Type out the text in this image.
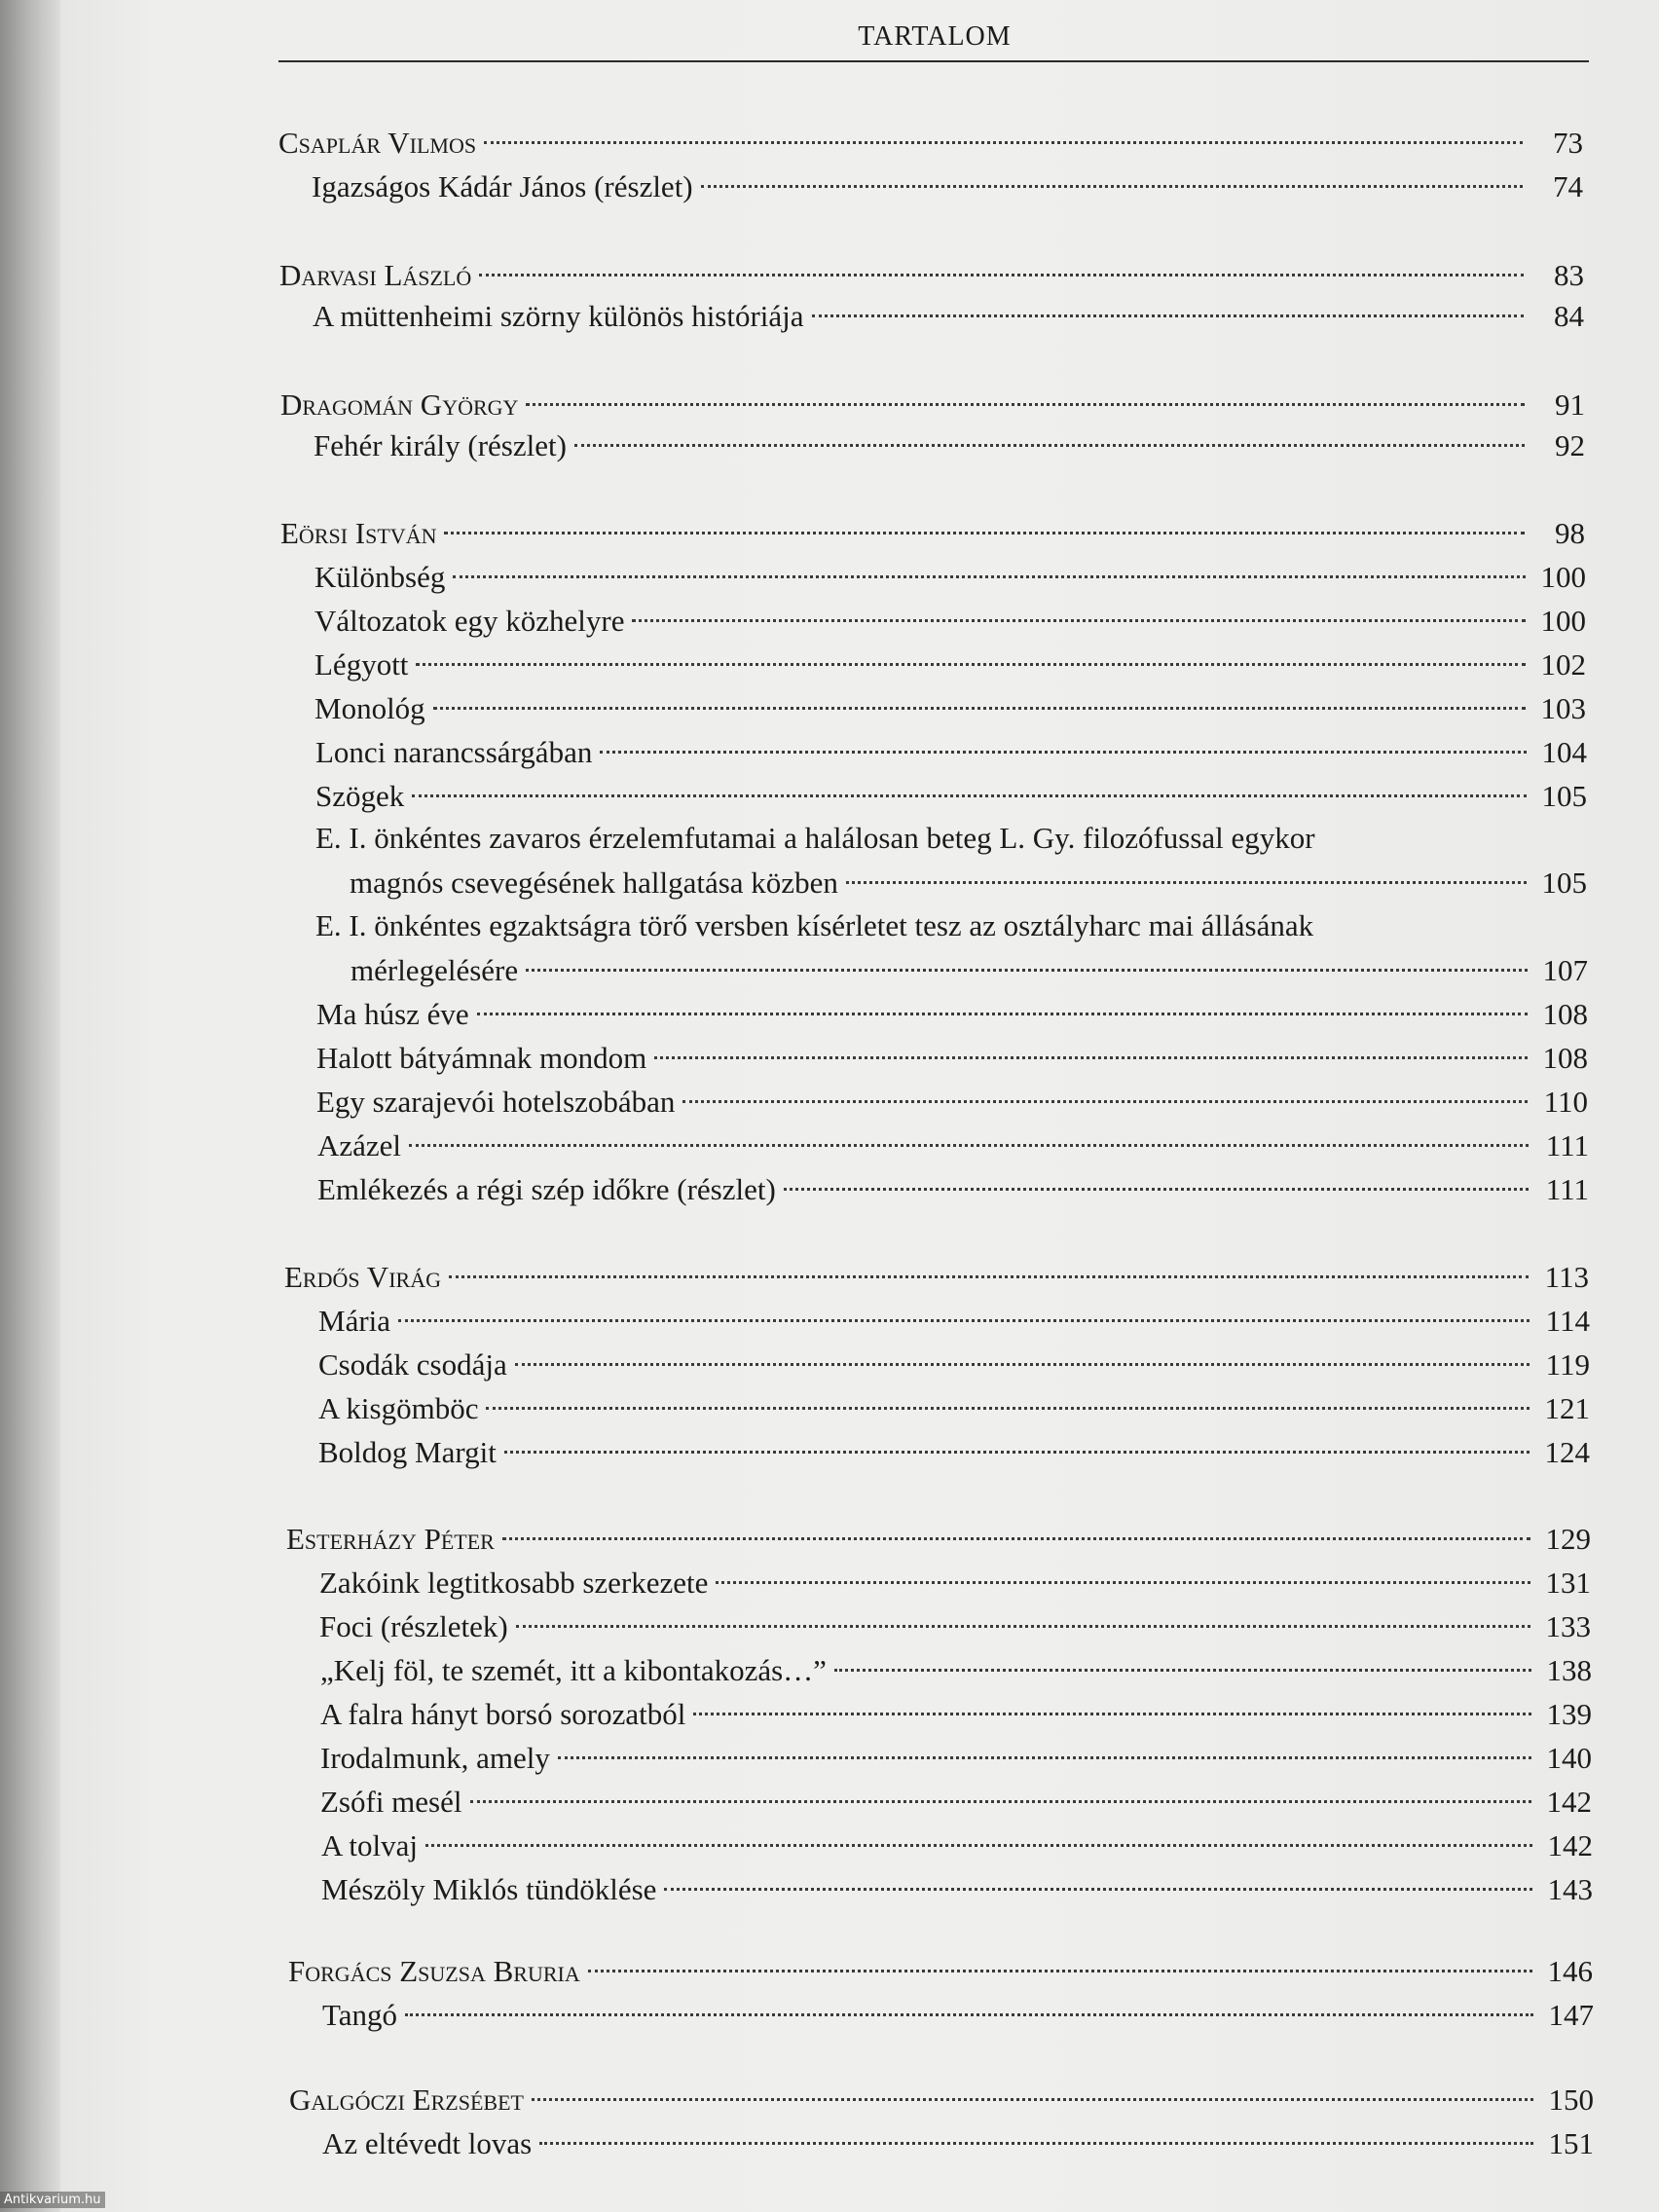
TARTALOM
Csaplár Vilmos	73
Igazságos Kádár János (részlet)	74
Darvasi László	83
A müttenheimi szörny különös históriája	84
Dragomán György	91
Fehér király (részlet)	92
Eörsi István	98
Különbség	100
Változatok egy közhelyre	100
Légyott	102
Monológ	103
Lonci narancssárgában	104
Szögek	105
E. I. önkéntes zavaros érzelemfutamai a halálosan beteg L. Gy. filozófussal egykor
magnós csevegésének hallgatása közben	105
E. I. önkéntes egzaktságra törő versben kísérletet tesz az osztályharc mai állásának
mérlegelésére	107
Ma húsz éve	108
Halott bátyámnak mondom	108
Egy szarajevói hotelszobában	110
Azázel	111
Emlékezés a régi szép időkre (részlet)	111
Erdős Virág	113
Mária	114
Csodák csodája	119
A kisgömböc	121
Boldog Margit	124
Esterházy Péter	129
Zakóink legtitkosabb szerkezete	131
Foci (részletek)	133
„Kelj föl, te szemét, itt a kibontakozás…”	138
A falra hányt borsó sorozatból	139
Irodalmunk, amely	140
Zsófi mesél	142
A tolvaj	142
Mészöly Miklós tündöklése	143
Forgács Zsuzsa Bruria	146
Tangó	147
Galgóczi Erzsébet	150
Az eltévedt lovas	151
Antikvarium.hu
